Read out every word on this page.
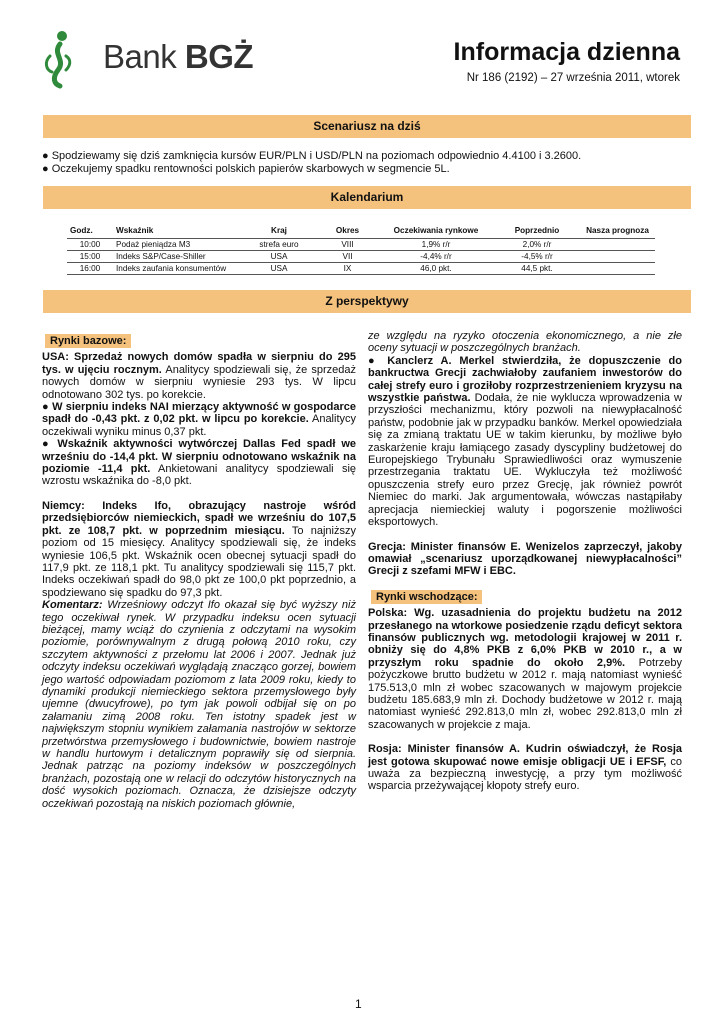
Bank BGŻ	Informacja dzienna
Nr 186 (2192) – 27 września 2011, wtorek
Scenariusz na dziś
● Spodziewamy się dziś zamknięcia kursów EUR/PLN i USD/PLN na poziomach odpowiednio 4.4100 i 3.2600.
● Oczekujemy spadku rentowności polskich papierów skarbowych w segmencie 5L.
Kalendarium
Godz.	Wskaźnik	Kraj	Okres	Oczekiwania rynkowe	Poprzednio	Nasza prognoza
10:00	Podaż pieniądza M3	strefa euro	VIII	1,9% r/r	2,0% r/r	
15:00	Indeks S&P/Case-Shiller	USA	VII	-4,4% r/r	-4,5% r/r	
16:00	Indeks zaufania konsumentów	USA	IX	46,0 pkt.	44,5 pkt.	
Z perspektywy
Rynki bazowe:

USA: Sprzedaż nowych domów spadła w sierpniu do 295 tys. w ujęciu rocznym. Analitycy spodziewali się, że sprzedaż nowych domów w sierpniu wyniesie 293 tys. W lipcu odnotowano 302 tys. po korekcie.

● W sierpniu indeks NAI mierzący aktywność w gospodarce spadł do -0,43 pkt. z 0,02 pkt. w lipcu po korekcie. Analitycy oczekiwali wyniku minus 0,37 pkt.

● Wskaźnik aktywności wytwórczej Dallas Fed spadł we wrześniu do -14,4 pkt. W sierpniu odnotowano wskaźnik na poziomie -11,4 pkt. Ankietowani analitycy spodziewali się wzrostu wskaźnika do -8,0 pkt.

Niemcy: Indeks Ifo, obrazujący nastroje wśród przedsiębiorców niemieckich, spadł we wrześniu do 107,5 pkt. ze 108,7 pkt. w poprzednim miesiącu. To najniższy poziom od 15 miesięcy. Analitycy spodziewali się, że indeks wyniesie 106,5 pkt. Wskaźnik ocen obecnej sytuacji spadł do 117,9 pkt. ze 118,1 pkt. Tu analitycy spodziewali się 115,7 pkt. Indeks oczekiwań spadł do 98,0 pkt ze 100,0 pkt poprzednio, a spodziewano się spadku do 97,3 pkt.

Komentarz: Wrześniowy odczyt Ifo okazał się być wyższy niż tego oczekiwał rynek. W przypadku indeksu ocen sytuacji bieżącej, mamy wciąż do czynienia z odczytami na wysokim poziomie, porównywalnym z drugą połową 2010 roku, czy szczytem aktywności z przełomu lat 2006 i 2007. Jednak już odczyty indeksu oczekiwań wyglądają znacząco gorzej, bowiem jego wartość odpowiadam poziomom z lata 2009 roku, kiedy to dynamiki produkcji niemieckiego sektora przemysłowego były ujemne (dwucyfrowe), po tym jak powoli odbijał się on po załamaniu zimą 2008 roku. Ten istotny spadek jest w największym stopniu wynikiem załamania nastrojów w sektorze przetwórstwa przemysłowego i budownictwie, bowiem nastroje w handlu hurtowym i detalicznym poprawiły się od sierpnia. Jednak patrząc na poziomy indeksów w poszczególnych branżach, pozostają one w relacji do odczytów historycznych na dość wysokich poziomach. Oznacza, że dzisiejsze odczyty oczekiwań pozostają na niskich poziomach głównie,

ze względu na ryzyko otoczenia ekonomicznego, a nie złe oceny sytuacji w poszczególnych branżach.

● Kanclerz A. Merkel stwierdziła, że dopuszczenie do bankructwa Grecji zachwiałoby zaufaniem inwestorów do całej strefy euro i groziłoby rozprzestrzenieniem kryzysu na wszystkie państwa. Dodała, że nie wyklucza wprowadzenia w przyszłości mechanizmu, który pozwoli na niewypłacalność państw, podobnie jak w przypadku banków. Merkel opowiedziała się za zmianą traktatu UE w takim kierunku, by możliwe było zaskarżenie kraju łamiącego zasady dyscypliny budżetowej do Europejskiego Trybunału Sprawiedliwości oraz wymuszenie przestrzegania traktatu UE. Wykluczyła też możliwość opuszczenia strefy euro przez Grecję, jak również powrót Niemiec do marki. Jak argumentowała, wówczas nastąpiłaby aprecjacja niemieckiej waluty i pogorszenie możliwości eksportowych.

Grecja: Minister finansów E. Wenizelos zaprzeczył, jakoby omawiał „scenariusz uporządkowanej niewypłacalności” Grecji z szefami MFW i EBC.

Rynki wschodzące:

Polska: Wg. uzasadnienia do projektu budżetu na 2012 przesłanego na wtorkowe posiedzenie rządu deficyt sektora finansów publicznych wg. metodologii krajowej w 2011 r. obniży się do 4,8% PKB z 6,0% PKB w 2010 r., a w przyszłym roku spadnie do około 2,9%. Potrzeby pożyczkowe brutto budżetu w 2012 r. mają natomiast wynieść 175.513,0 mln zł wobec szacowanych w majowym projekcie budżetu 185.683,9 mln zł. Dochody budżetowe w 2012 r. mają natomiast wynieść 292.813,0 mln zł, wobec 292.813,0 mln zł szacowanych w projekcie z maja.

Rosja: Minister finansów A. Kudrin oświadczył, że Rosja jest gotowa skupować nowe emisje obligacji UE i EFSF, co uważa za bezpieczną inwestycję, a przy tym możliwość wsparcia przeżywającej kłopoty strefy euro.

1
